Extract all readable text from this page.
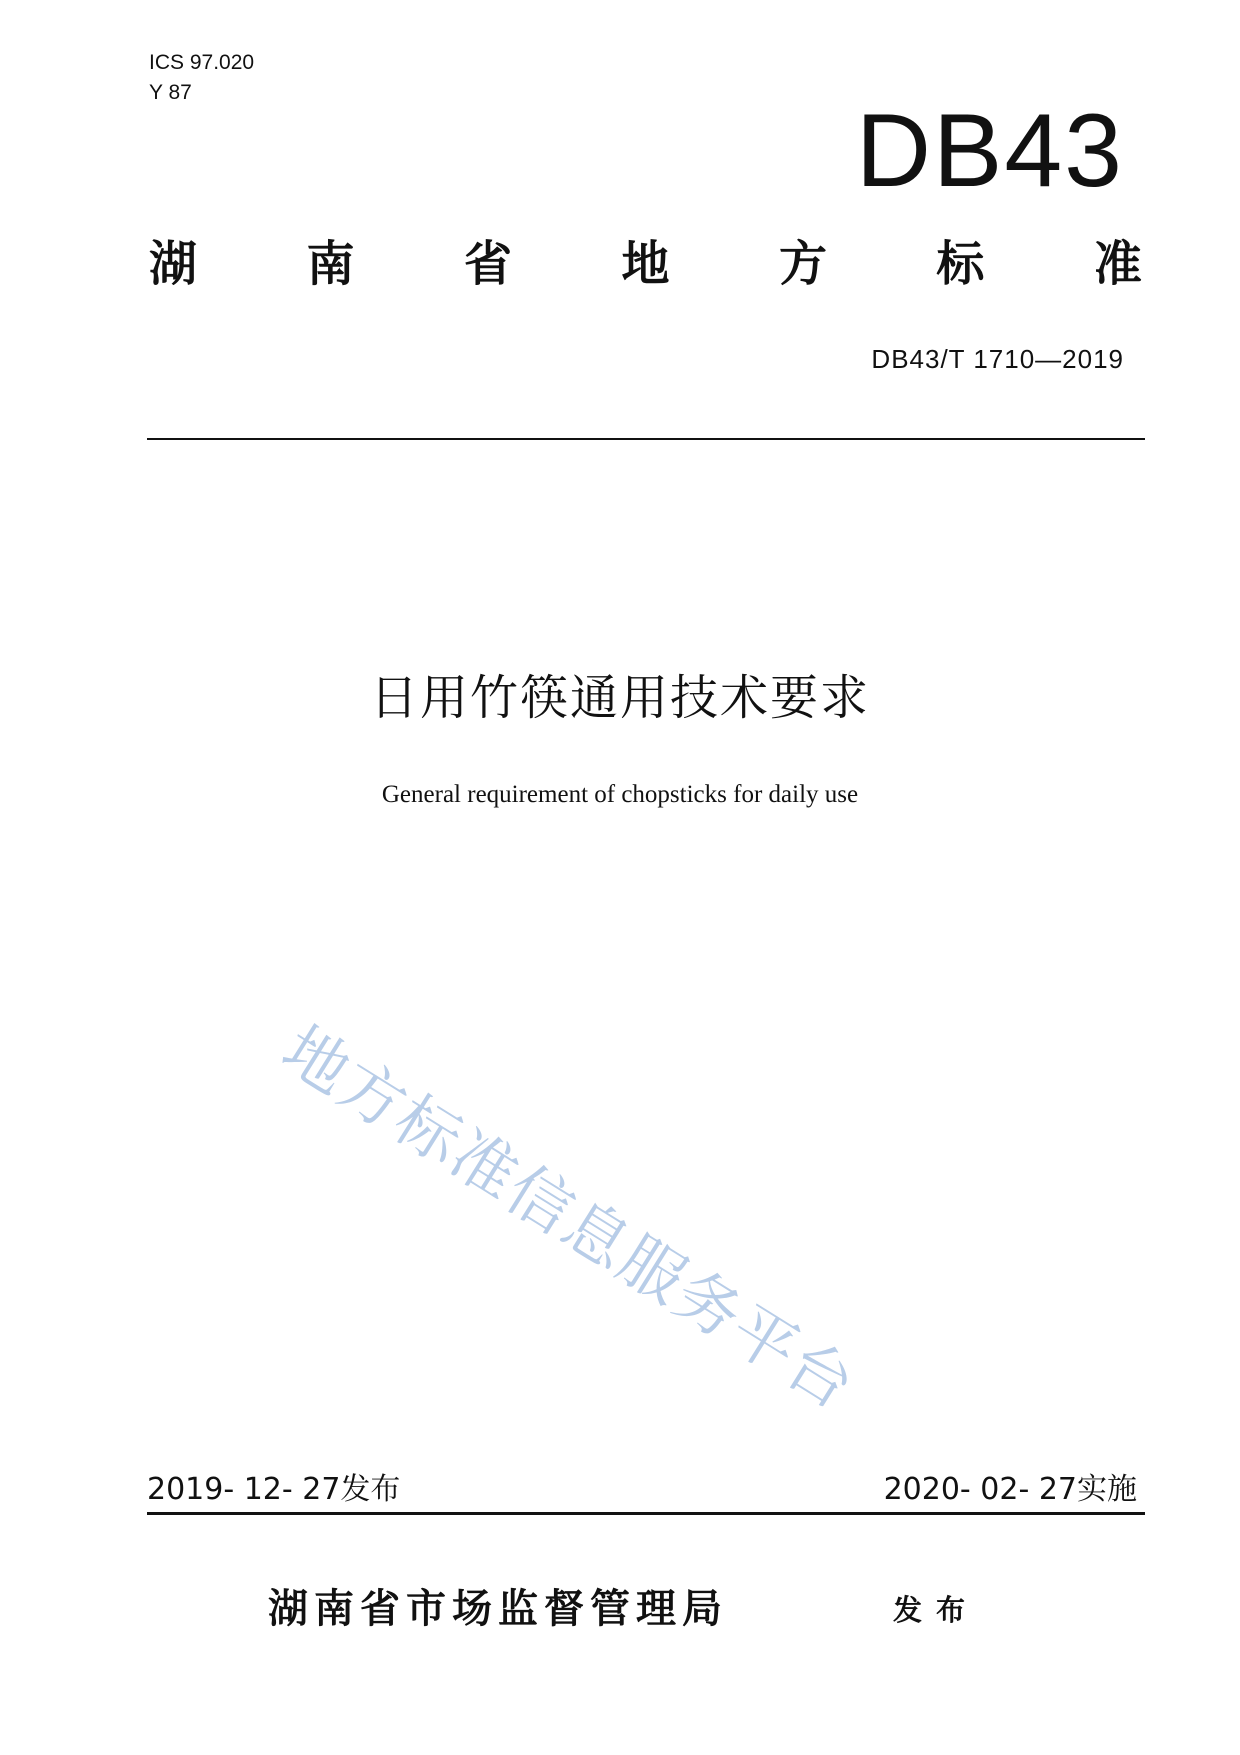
ICS 97.020
Y 87
DB43
湖 南 省 地 方 标 准
DB43/T 1710—2019
日用竹筷通用技术要求
General requirement of chopsticks for daily use
地方标准信息服务平台
2019- 12- 27发布	2020- 02- 27实施
湖南省市场监督管理局	发布
